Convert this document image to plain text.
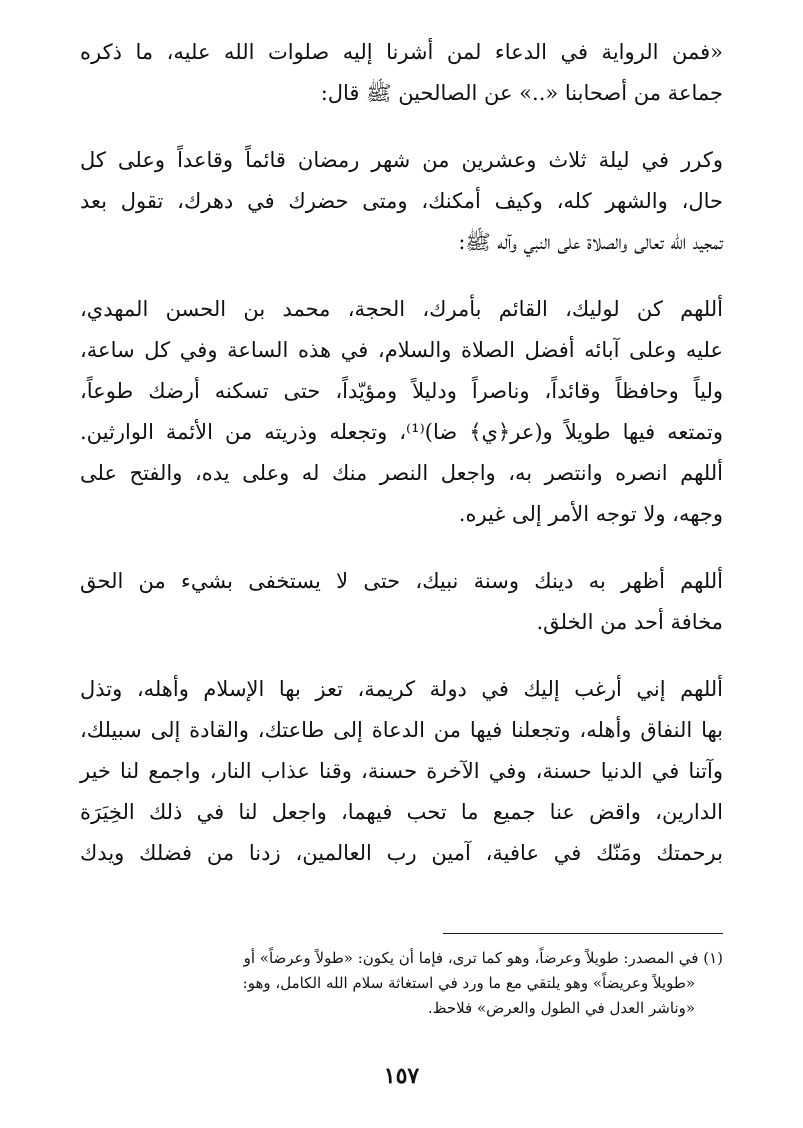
«فمن الرواية في الدعاء لمن أشرنا إليه صلوات الله عليه، ما ذكره
جماعة من أصحابنا «..» عن الصالحين ﷺ قال:

وكرر في ليلة ثلاث وعشرين من شهر رمضان قائماً وقاعداً وعلى كل
حال، والشهر كله، وكيف أمكنك، ومتى حضرك في دهرك، تقول بعد
تمجيد الله تعالى والصلاة على النبي وآله ﷺ:

أللهم كن لوليك، القائم بأمرك، الحجة، محمد بن الحسن المهدي،
عليه وعلى آبائه أفضل الصلاة والسلام، في هذه الساعة وفي كل ساعة،
ولياً وحافظاً وقائداً، وناصراً ودليلاً ومؤيّداً، حتى تسكنه أرضك طوعاً،
وتمتعه فيها طويلاً و(عر﴿ي﴾ ضا)⁽¹⁾، وتجعله وذريته من الأئمة الوارثين.
أللهم انصره وانتصر به، واجعل النصر منك له وعلى يده، والفتح على
وجهه، ولا توجه الأمر إلى غيره.

أللهم أظهر به دينك وسنة نبيك، حتى لا يستخفى بشيء من الحق
مخافة أحد من الخلق.

أللهم إني أرغب إليك في دولة كريمة، تعز بها الإسلام وأهله، وتذل
بها النفاق وأهله، وتجعلنا فيها من الدعاة إلى طاعتك، والقادة إلى سبيلك،
وآتنا في الدنيا حسنة، وفي الآخرة حسنة، وقنا عذاب النار، واجمع لنا خير
الدارين، واقض عنا جميع ما تحب فيهما، واجعل لنا في ذلك الخِيَرَة
برحمتك ومَنّك في عافية، آمين رب العالمين، زدنا من فضلك ويدك

(١) في المصدر: طويلاً وعرضاً، وهو كما ترى، فإما أن يكون: «طولاً وعرضاً» أو
«طويلاً وعريضاً» وهو يلتقي مع ما ورد في استغاثة سلام الله الكامل، وهو:
«وناشر العدل في الطول والعرض» فلاحظ.
١٥٧
